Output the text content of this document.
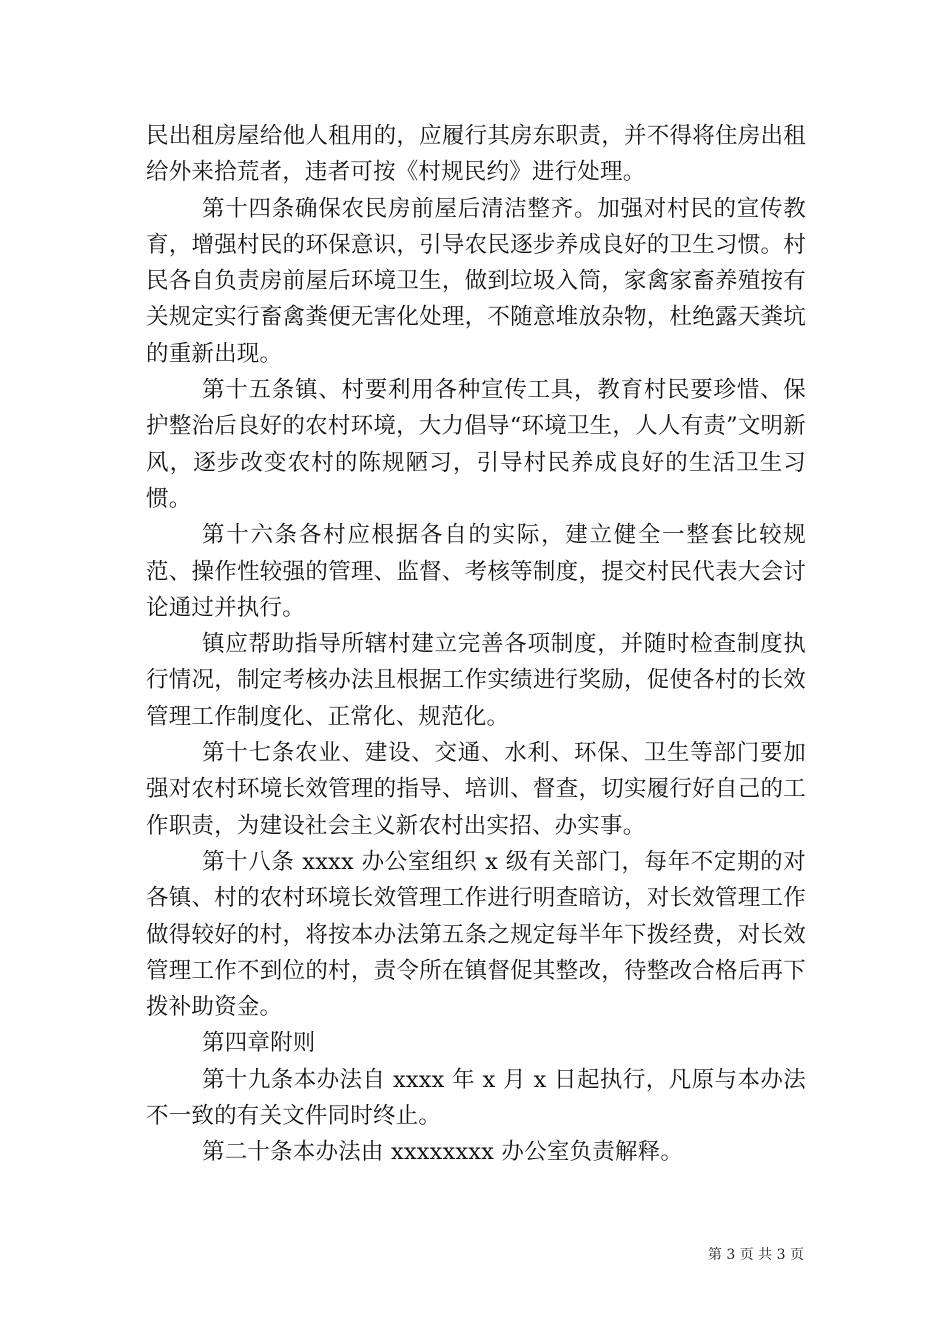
民出租房屋给他人租用的，应履行其房东职责，并不得将住房出租给外来拾荒者，违者可按《村规民约》进行处理。

第十四条确保农民房前屋后清洁整齐。加强对村民的宣传教育，增强村民的环保意识，引导农民逐步养成良好的卫生习惯。村民各自负责房前屋后环境卫生，做到垃圾入筒，家禽家畜养殖按有关规定实行畜禽粪便无害化处理，不随意堆放杂物，杜绝露天粪坑的重新出现。

第十五条镇、村要利用各种宣传工具，教育村民要珍惜、保护整治后良好的农村环境，大力倡导“环境卫生，人人有责”文明新风，逐步改变农村的陈规陋习，引导村民养成良好的生活卫生习惯。

第十六条各村应根据各自的实际，建立健全一整套比较规范、操作性较强的管理、监督、考核等制度，提交村民代表大会讨论通过并执行。

镇应帮助指导所辖村建立完善各项制度，并随时检查制度执行情况，制定考核办法且根据工作实绩进行奖励，促使各村的长效管理工作制度化、正常化、规范化。

第十七条农业、建设、交通、水利、环保、卫生等部门要加强对农村环境长效管理的指导、培训、督查，切实履行好自己的工作职责，为建设社会主义新农村出实招、办实事。

第十八条 xxxx 办公室组织 x 级有关部门，每年不定期的对各镇、村的农村环境长效管理工作进行明查暗访，对长效管理工作做得较好的村，将按本办法第五条之规定每半年下拨经费，对长效管理工作不到位的村，责令所在镇督促其整改，待整改合格后再下拨补助资金。

第四章附则

第十九条本办法自 xxxx 年 x 月 x 日起执行，凡原与本办法不一致的有关文件同时终止。

第二十条本办法由 xxxxxxxx 办公室负责解释。

第 3 页 共 3 页
